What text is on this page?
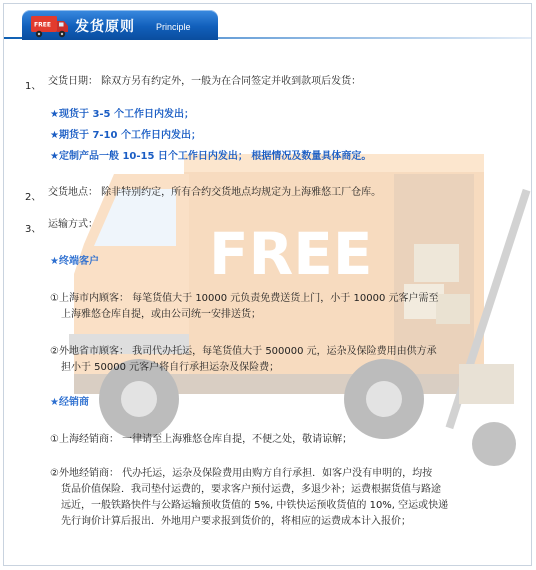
FREE
FREE 发货原则 Principle
1、 交货日期： 除双方另有约定外，一般为在合同签定并收到款项后发货：
★现货于 3-5 个工作日内发出；
★期货于 7-10 个工作日内发出；
★定制产品一般 10-15 日个工作日内发出； 根据情况及数量具体商定。
2、 交货地点： 除非特别约定，所有合约交货地点均规定为上海雅悠工厂仓库。
3、 运输方式：
★终端客户
①上海市内顾客： 每笔货值大于 10000 元负责免费送货上门，小于 10000 元客户需至
上海雅悠仓库自提，或由公司统一安排送货；
②外地省市顾客： 我司代办托运，每笔货值大于 500000 元，运杂及保险费用由供方承
担小于 50000 元客户将自行承担运杂及保险费；
★经销商
①上海经销商： 一律请至上海雅悠仓库自提，不便之处，敬请谅解；
②外地经销商： 代办托运，运杂及保险费用由购方自行承担．如客户没有申明的，均按
货品价值保险．我司垫付运费的，要求客户预付运费，多退少补；运费根据货值与路途
远近，一般铁路快件与公路运输预收货值的 5%, 中铁快运预收货值的 10%, 空运或快递
先行询价计算后报出．外地用户要求报到货价的，将相应的运费成本计入报价；
